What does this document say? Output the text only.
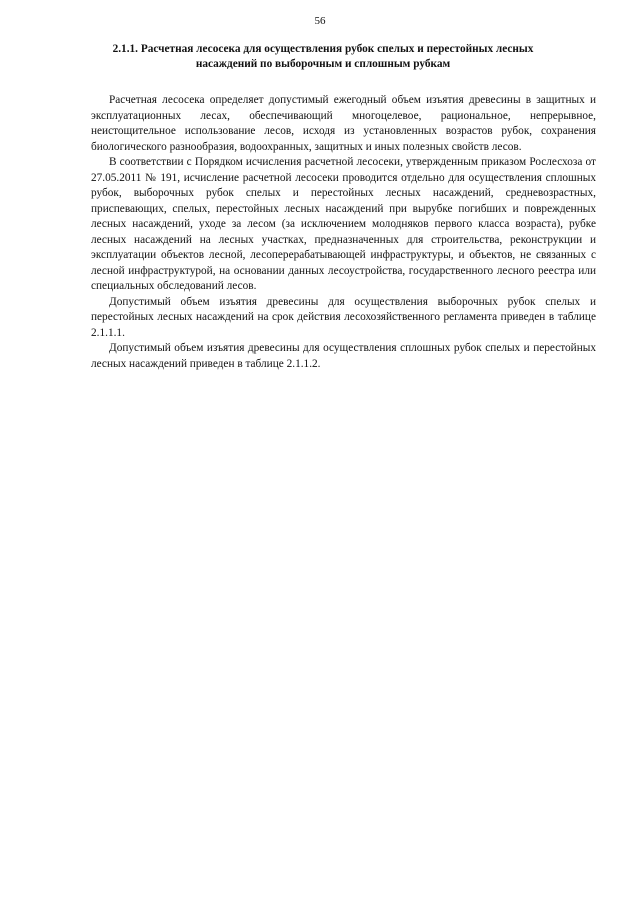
56
2.1.1. Расчетная лесосека для осуществления рубок спелых и перестойных лесных
насаждений по выборочным и сплошным рубкам

Расчетная лесосека определяет допустимый ежегодный объем изъятия древесины в защитных и эксплуатационных лесах, обеспечивающий многоцелевое, рациональное, непрерывное, неистощительное использование лесов, исходя из установленных возрастов рубок, сохранения биологического разнообразия, водоохранных, защитных и иных полезных свойств лесов.

В соответствии с Порядком исчисления расчетной лесосеки, утвержденным приказом Рослесхоза от 27.05.2011 № 191, исчисление расчетной лесосеки проводится отдельно для осуществления сплошных рубок, выборочных рубок спелых и перестойных лесных насаждений, средневозрастных, приспевающих, спелых, перестойных лесных насаждений при вырубке погибших и поврежденных лесных насаждений, уходе за лесом (за исключением молодняков первого класса возраста), рубке лесных насаждений на лесных участках, предназначенных для строительства, реконструкции и эксплуатации объектов лесной, лесоперерабатывающей инфраструктуры, и объектов, не связанных с лесной инфраструктурой, на основании данных лесоустройства, государственного лесного реестра или специальных обследований лесов.

Допустимый объем изъятия древесины для осуществления выборочных рубок спелых и перестойных лесных насаждений на срок действия лесохозяйственного регламента приведен в таблице 2.1.1.1.

Допустимый объем изъятия древесины для осуществления сплошных рубок спелых и перестойных лесных насаждений приведен в таблице 2.1.1.2.
